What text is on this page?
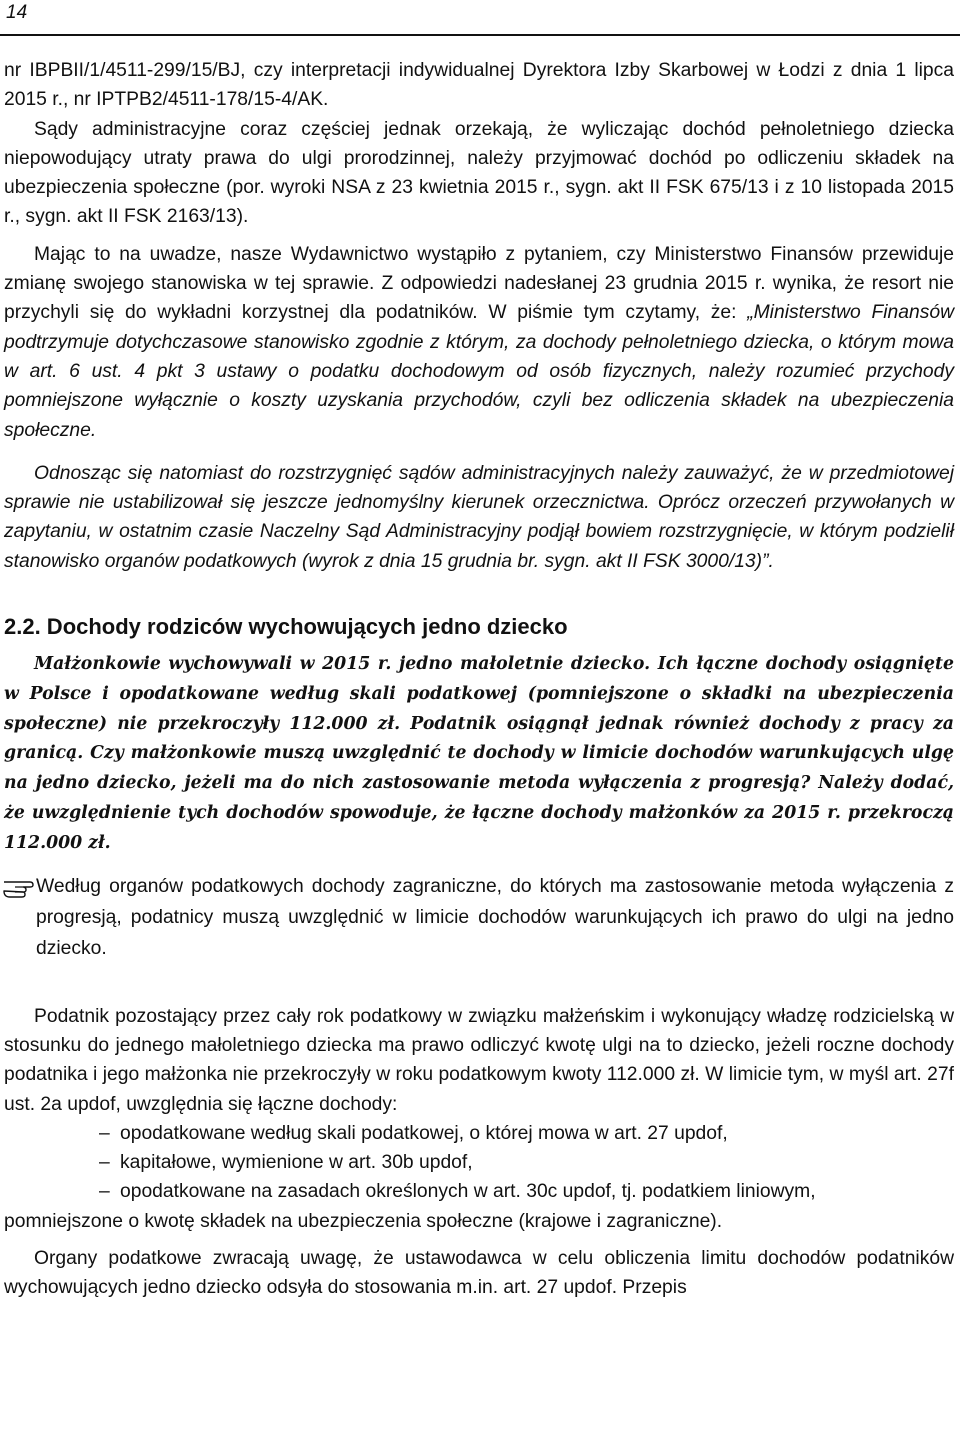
14

nr IBPBII/1/4511-299/15/BJ, czy interpretacji indywidualnej Dyrektora Izby Skarbowej w Łodzi z dnia 1 lipca 2015 r., nr IPTPB2/4511-178/15-4/AK.

Sądy administracyjne coraz częściej jednak orzekają, że wyliczając dochód pełnoletniego dziecka niepowodujący utraty prawa do ulgi prorodzinnej, należy przyjmować dochód po odliczeniu składek na ubezpieczenia społeczne (por. wyroki NSA z 23 kwietnia 2015 r., sygn. akt II FSK 675/13 i z 10 listopada 2015 r., sygn. akt II FSK 2163/13).

Mając to na uwadze, nasze Wydawnictwo wystąpiło z pytaniem, czy Ministerstwo Finansów przewiduje zmianę swojego stanowiska w tej sprawie. Z odpowiedzi nadesłanej 23 grudnia 2015 r. wynika, że resort nie przychyli się do wykładni korzystnej dla podatników. W piśmie tym czytamy, że: „Ministerstwo Finansów podtrzymuje dotychczasowe stanowisko zgodnie z którym, za dochody pełnoletniego dziecka, o którym mowa w art. 6 ust. 4 pkt 3 ustawy o podatku dochodowym od osób fizycznych, należy rozumieć przychody pomniejszone wyłącznie o koszty uzyskania przychodów, czyli bez odliczenia składek na ubezpieczenia społeczne.

Odnosząc się natomiast do rozstrzygnięć sądów administracyjnych należy zauważyć, że w przedmiotowej sprawie nie ustabilizował się jeszcze jednomyślny kierunek orzecznictwa. Oprócz orzeczeń przywołanych w zapytaniu, w ostatnim czasie Naczelny Sąd Administracyjny podjął bowiem rozstrzygnięcie, w którym podzielił stanowisko organów podatkowych (wyrok z dnia 15 grudnia br. sygn. akt II FSK 3000/13)”.

2.2. Dochody rodziców wychowujących jedno dziecko

Małżonkowie wychowywali w 2015 r. jedno małoletnie dziecko. Ich łączne dochody osiągnięte w Polsce i opodatkowane według skali podatkowej (pomniejszone o składki na ubezpieczenia społeczne) nie przekroczyły 112.000 zł. Podatnik osiągnął jednak również dochody z pracy za granicą. Czy małżonkowie muszą uwzględnić te dochody w limicie dochodów warunkujących ulgę na jedno dziecko, jeżeli ma do nich zastosowanie metoda wyłączenia z progresją? Należy dodać, że uwzględnienie tych dochodów spowoduje, że łączne dochody małżonków za 2015 r. przekroczą 112.000 zł.

Według organów podatkowych dochody zagraniczne, do których ma zastosowanie metoda wyłączenia z progresją, podatnicy muszą uwzględnić w limicie dochodów warunkujących ich prawo do ulgi na jedno dziecko.

Podatnik pozostający przez cały rok podatkowy w związku małżeńskim i wykonujący władzę rodzicielską w stosunku do jednego małoletniego dziecka ma prawo odliczyć kwotę ulgi na to dziecko, jeżeli roczne dochody podatnika i jego małżonka nie przekroczyły w roku podatkowym kwoty 112.000 zł. W limicie tym, w myśl art. 27f ust. 2a updof, uwzględnia się łączne dochody:

– opodatkowane według skali podatkowej, o której mowa w art. 27 updof,
– kapitałowe, wymienione w art. 30b updof,
– opodatkowane na zasadach określonych w art. 30c updof, tj. podatkiem liniowym,

pomniejszone o kwotę składek na ubezpieczenia społeczne (krajowe i zagraniczne).

Organy podatkowe zwracają uwagę, że ustawodawca w celu obliczenia limitu dochodów podatników wychowujących jedno dziecko odsyła do stosowania m.in. art. 27 updof. Przepis
